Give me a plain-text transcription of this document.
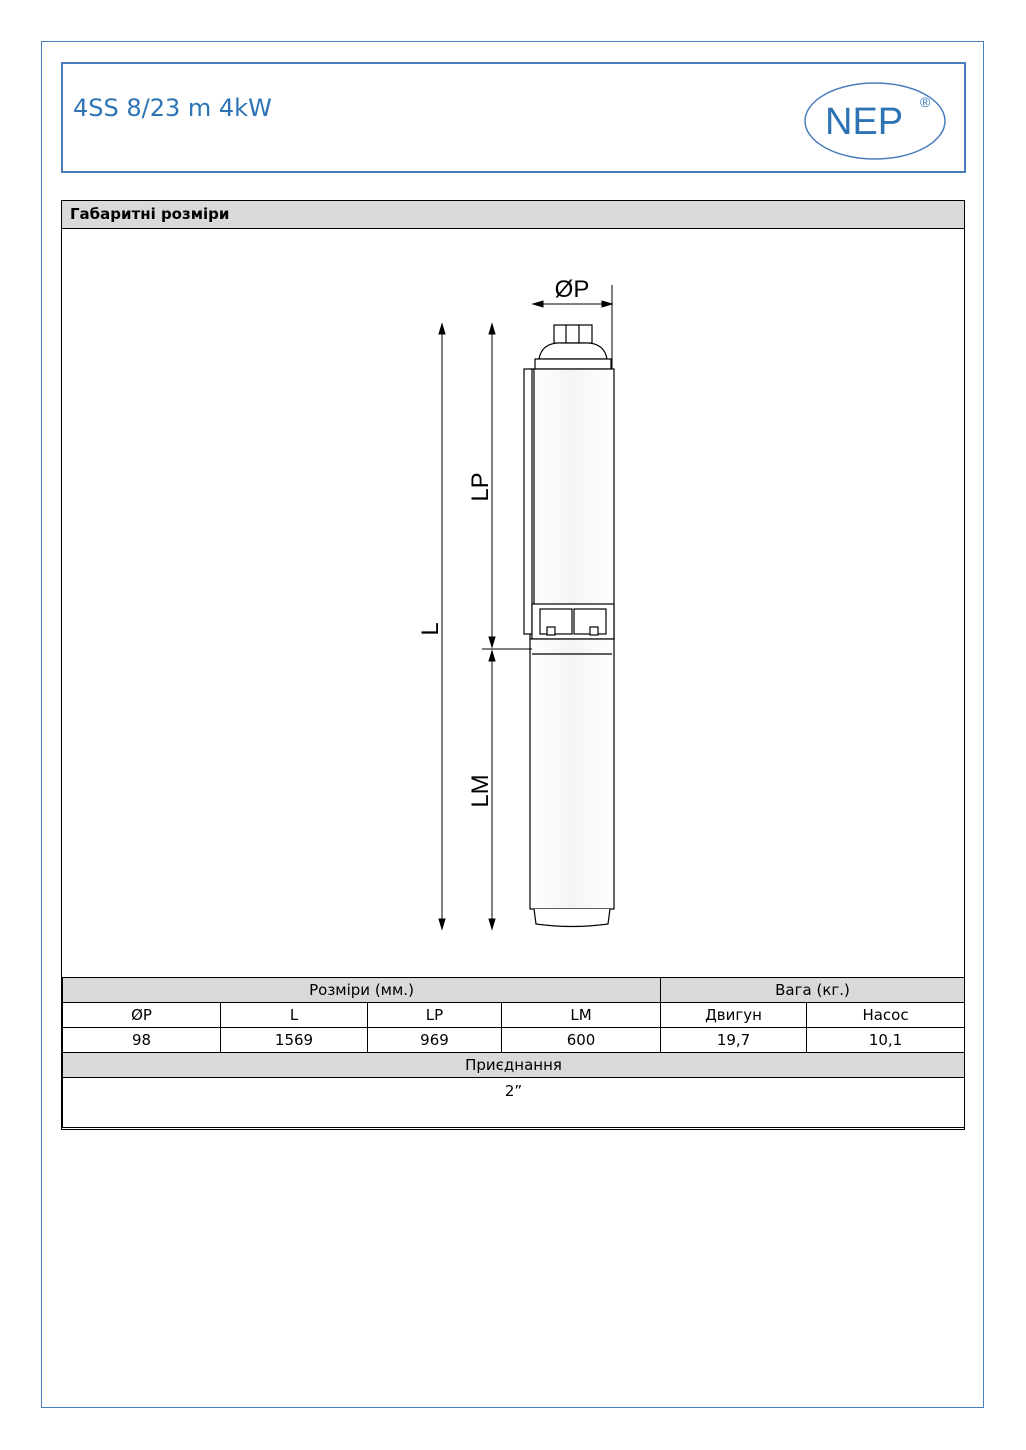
4SS 8/23 m 4kW	NEP ®
Габаритні розміри
ØP
L
LP
LM
Розміри (мм.)				Вага (кг.)	
ØP	L	LP	LM	Двигун	Насос
98	1569	969	600	19,7	10,1
Приєднання					
2”					
